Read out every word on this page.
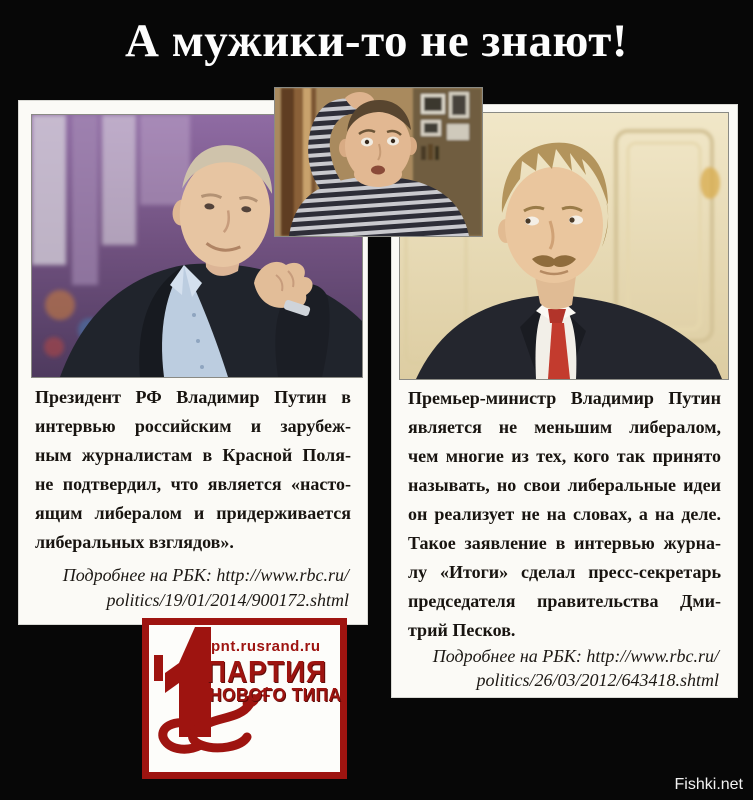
А мужики-то не знают!
Президент РФ Владимир Путин в
интервью российским и зарубеж-
ным журналистам в Красной Поля-
не подтвердил, что является «насто-
ящим либералом и придерживается
либеральных взглядов».
Подробнее на РБК: http://www.rbc.ru/
politics/19/01/2014/900172.shtml
Премьер-министр Владимир Путин
является не меньшим либералом,
чем многие из тех, кого так принято
называть, но свои либеральные идеи
он реализует не на словах, а на деле.
Такое заявление в интервью журна-
лу «Итоги» сделал пресс-секретарь
председателя правительства Дми-
трий Песков.
Подробнее на РБК: http://www.rbc.ru/
politics/26/03/2012/643418.shtml
pnt.rusrand.ru
ПАРТИЯ
НОВОГО ТИПА
Fishki.net
